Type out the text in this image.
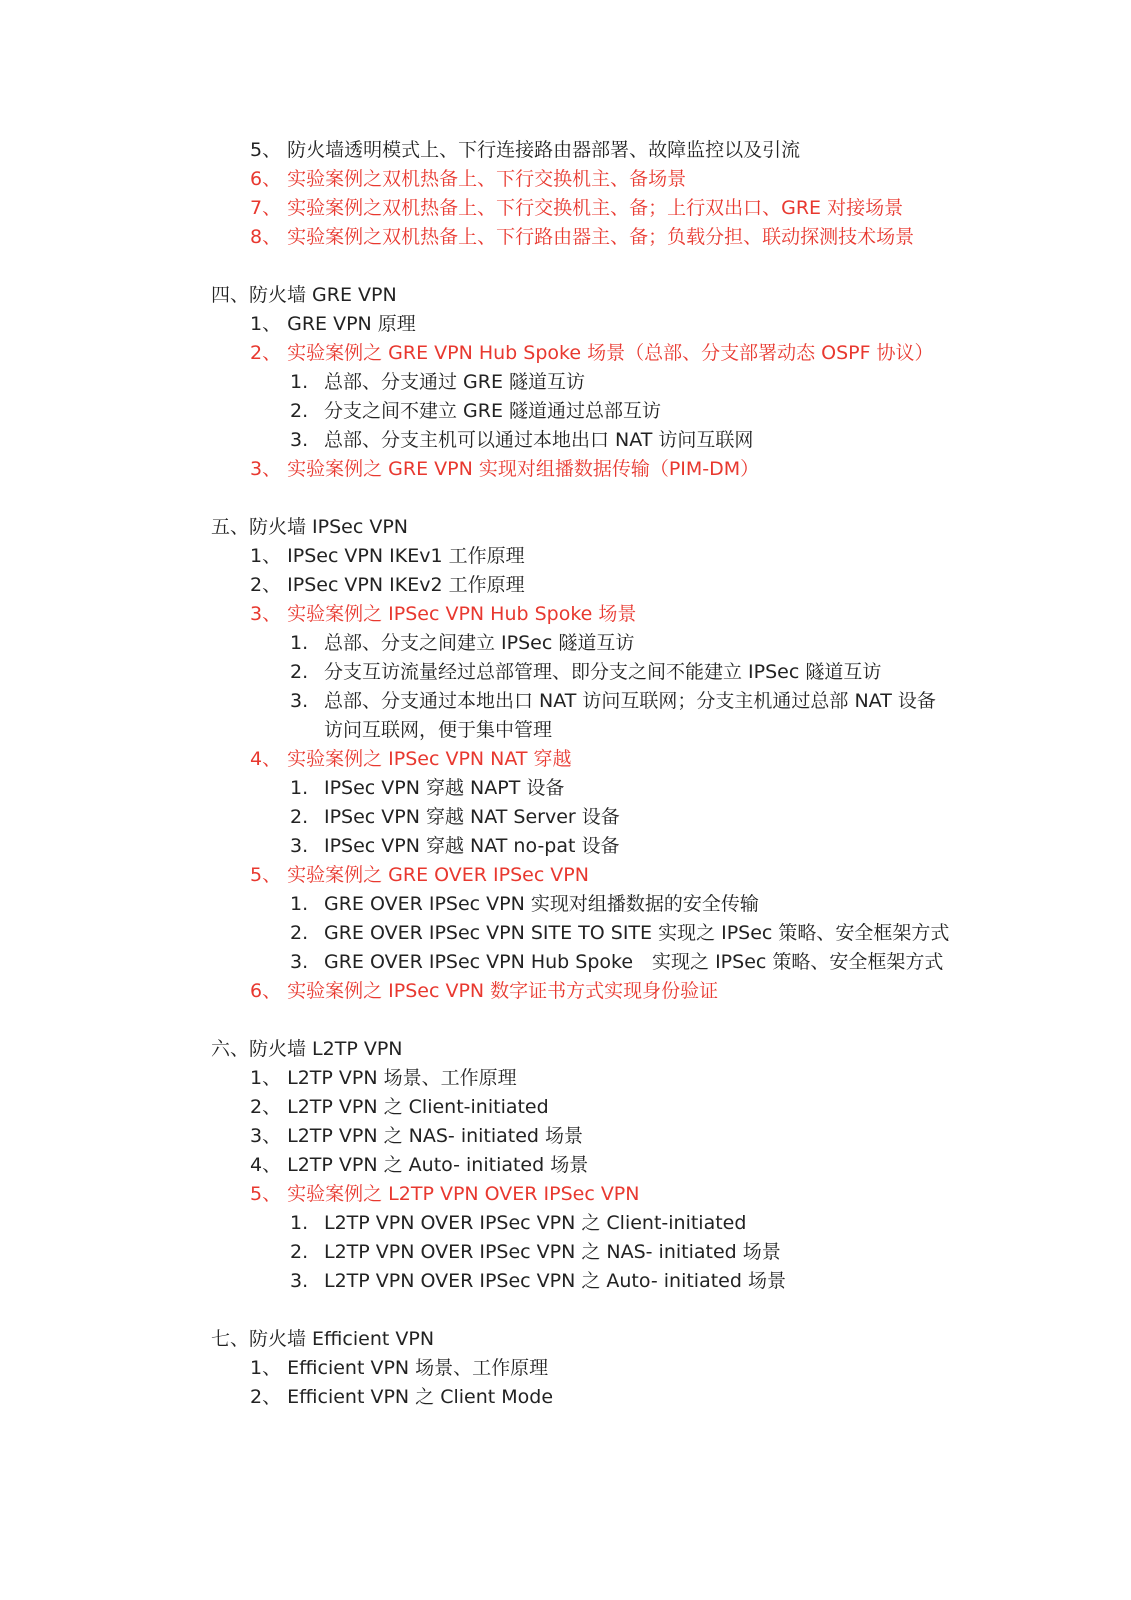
5、 防火墙透明模式上、下行连接路由器部署、故障监控以及引流
6、 实验案例之双机热备上、下行交换机主、备场景
7、 实验案例之双机热备上、下行交换机主、备；上行双出口、GRE 对接场景
8、 实验案例之双机热备上、下行路由器主、备；负载分担、联动探测技术场景
四、防火墙 GRE VPN
1、 GRE VPN 原理
2、 实验案例之 GRE VPN Hub Spoke 场景（总部、分支部署动态 OSPF 协议）
1. 总部、分支通过 GRE 隧道互访
2. 分支之间不建立 GRE 隧道通过总部互访
3. 总部、分支主机可以通过本地出口 NAT 访问互联网
3、 实验案例之 GRE VPN 实现对组播数据传输（PIM-DM）
五、防火墙 IPSec VPN
1、 IPSec VPN IKEv1 工作原理
2、 IPSec VPN IKEv2 工作原理
3、 实验案例之 IPSec VPN Hub Spoke 场景
1. 总部、分支之间建立 IPSec 隧道互访
2. 分支互访流量经过总部管理、即分支之间不能建立 IPSec 隧道互访
3. 总部、分支通过本地出口 NAT 访问互联网；分支主机通过总部 NAT 设备
访问互联网，便于集中管理
4、 实验案例之 IPSec VPN NAT 穿越
1. IPSec VPN 穿越 NAPT 设备
2. IPSec VPN 穿越 NAT Server 设备
3. IPSec VPN 穿越 NAT no-pat 设备
5、 实验案例之 GRE OVER IPSec VPN
1. GRE OVER IPSec VPN 实现对组播数据的安全传输
2. GRE OVER IPSec VPN SITE TO SITE 实现之 IPSec 策略、安全框架方式
3. GRE OVER IPSec VPN Hub Spoke　实现之 IPSec 策略、安全框架方式
6、 实验案例之 IPSec VPN 数字证书方式实现身份验证
六、防火墙 L2TP VPN
1、 L2TP VPN 场景、工作原理
2、 L2TP VPN 之 Client-initiated
3、 L2TP VPN 之 NAS- initiated 场景
4、 L2TP VPN 之 Auto- initiated 场景
5、 实验案例之 L2TP VPN OVER IPSec VPN
1. L2TP VPN OVER IPSec VPN 之 Client-initiated
2. L2TP VPN OVER IPSec VPN 之 NAS- initiated 场景
3. L2TP VPN OVER IPSec VPN 之 Auto- initiated 场景
七、防火墙 Efficient VPN
1、 Efficient VPN 场景、工作原理
2、 Efficient VPN 之 Client Mode
